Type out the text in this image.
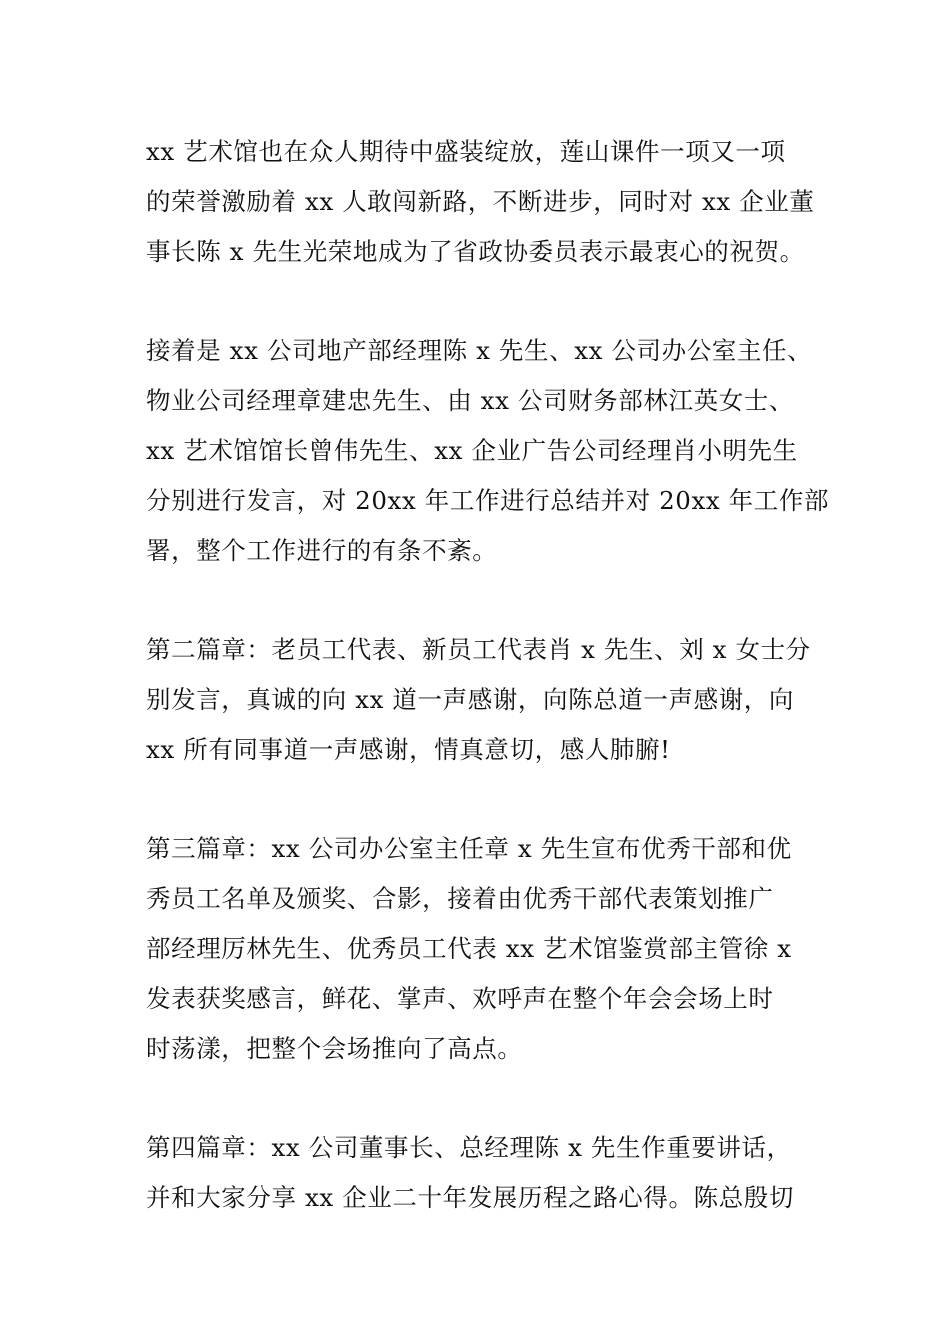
xx 艺术馆也在众人期待中盛装绽放，莲山课件一项又一项
的荣誉激励着 xx 人敢闯新路，不断进步，同时对 xx 企业董
事长陈 x 先生光荣地成为了省政协委员表示最衷心的祝贺。
接着是 xx 公司地产部经理陈 x 先生、xx 公司办公室主任、
物业公司经理章建忠先生、由 xx 公司财务部林江英女士、
xx 艺术馆馆长曾伟先生、xx 企业广告公司经理肖小明先生
分别进行发言，对 20xx 年工作进行总结并对 20xx 年工作部
署，整个工作进行的有条不紊。
第二篇章：老员工代表、新员工代表肖 x 先生、刘 x 女士分
别发言，真诚的向 xx 道一声感谢，向陈总道一声感谢，向
xx 所有同事道一声感谢，情真意切，感人肺腑!
第三篇章：xx 公司办公室主任章 x 先生宣布优秀干部和优
秀员工名单及颁奖、合影，接着由优秀干部代表策划推广
部经理厉林先生、优秀员工代表 xx 艺术馆鉴赏部主管徐 x
发表获奖感言，鲜花、掌声、欢呼声在整个年会会场上时
时荡漾，把整个会场推向了高点。
第四篇章：xx 公司董事长、总经理陈 x 先生作重要讲话，
并和大家分享 xx 企业二十年发展历程之路心得。陈总殷切
